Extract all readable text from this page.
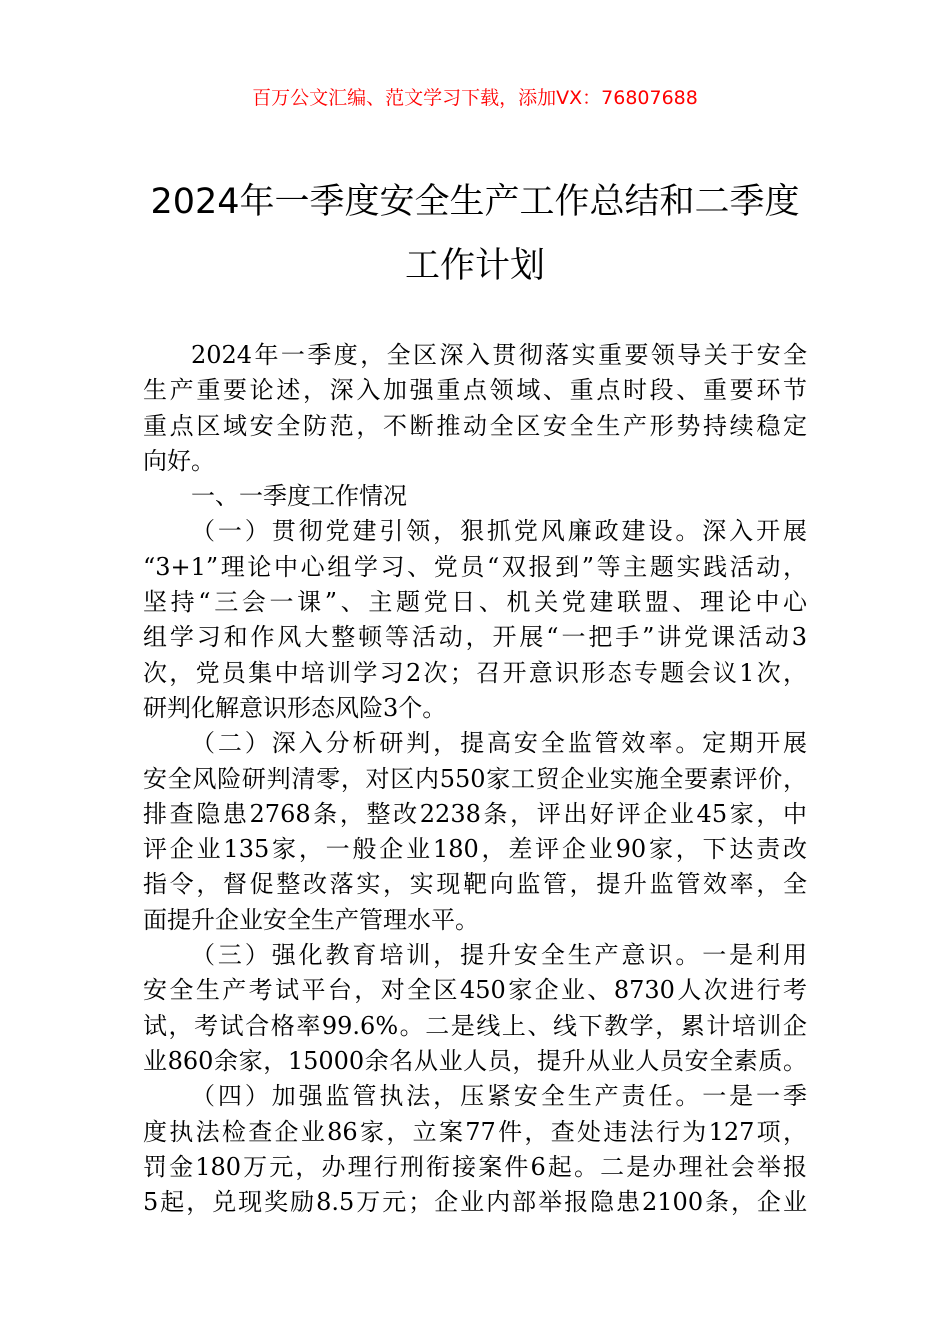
百万公文汇编、范文学习下载，添加VX：76807688
2024年一季度安全生产工作总结和二季度
工作计划
2024年一季度，全区深入贯彻落实重要领导关于安全
生产重要论述，深入加强重点领域、重点时段、重要环节
重点区域安全防范，不断推动全区安全生产形势持续稳定
向好。
一、一季度工作情况
（一）贯彻党建引领，狠抓党风廉政建设。深入开展
“3+1”理论中心组学习、党员“双报到”等主题实践活动，
坚持“三会一课”、主题党日、机关党建联盟、理论中心
组学习和作风大整顿等活动，开展“一把手”讲党课活动3
次，党员集中培训学习2次；召开意识形态专题会议1次，
研判化解意识形态风险3个。
（二）深入分析研判，提高安全监管效率。定期开展
安全风险研判清零，对区内550家工贸企业实施全要素评价，
排查隐患2768条，整改2238条，评出好评企业45家，中
评企业135家，一般企业180，差评企业90家，下达责改
指令，督促整改落实，实现靶向监管，提升监管效率，全
面提升企业安全生产管理水平。
（三）强化教育培训，提升安全生产意识。一是利用
安全生产考试平台，对全区450家企业、8730人次进行考
试，考试合格率99.6%。二是线上、线下教学，累计培训企
业860余家，15000余名从业人员，提升从业人员安全素质。
（四）加强监管执法，压紧安全生产责任。一是一季
度执法检查企业86家，立案77件，查处违法行为127项，
罚金180万元，办理行刑衔接案件6起。二是办理社会举报
5起，兑现奖励8.5万元；企业内部举报隐患2100条，企业
